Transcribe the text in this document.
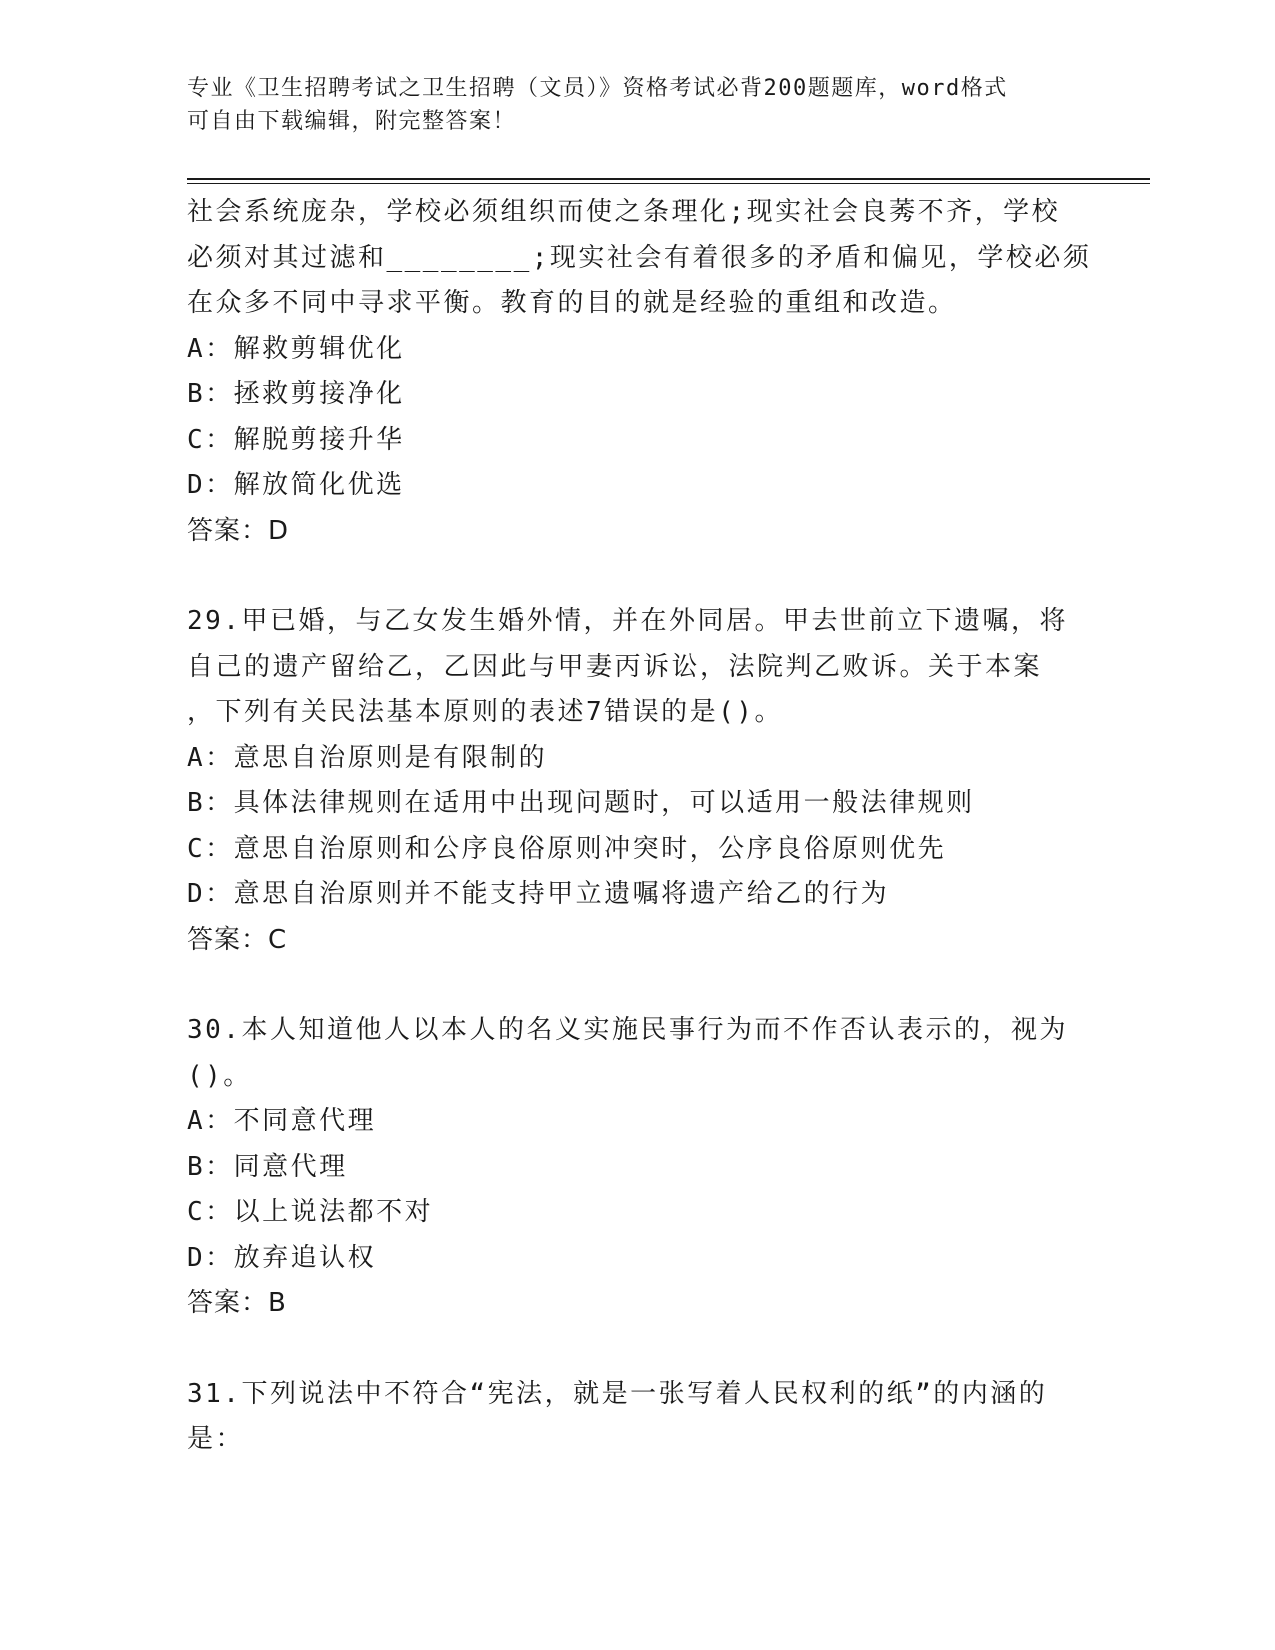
专业《卫生招聘考试之卫生招聘（文员）》资格考试必背200题题库，word格式
可自由下载编辑，附完整答案！
社会系统庞杂，学校必须组织而使之条理化;现实社会良莠不齐，学校
必须对其过滤和________;现实社会有着很多的矛盾和偏见，学校必须
在众多不同中寻求平衡。教育的目的就是经验的重组和改造。
A：解救剪辑优化
B：拯救剪接净化
C：解脱剪接升华
D：解放简化优选
答案：D
29.甲已婚，与乙女发生婚外情，并在外同居。甲去世前立下遗嘱，将
自己的遗产留给乙，乙因此与甲妻丙诉讼，法院判乙败诉。关于本案
，下列有关民法基本原则的表述7错误的是()。
A：意思自治原则是有限制的
B：具体法律规则在适用中出现问题时，可以适用一般法律规则
C：意思自治原则和公序良俗原则冲突时，公序良俗原则优先
D：意思自治原则并不能支持甲立遗嘱将遗产给乙的行为
答案：C
30.本人知道他人以本人的名义实施民事行为而不作否认表示的，视为
()。
A：不同意代理
B：同意代理
C：以上说法都不对
D：放弃追认权
答案：B
31.下列说法中不符合“宪法，就是一张写着人民权利的纸”的内涵的
是：
